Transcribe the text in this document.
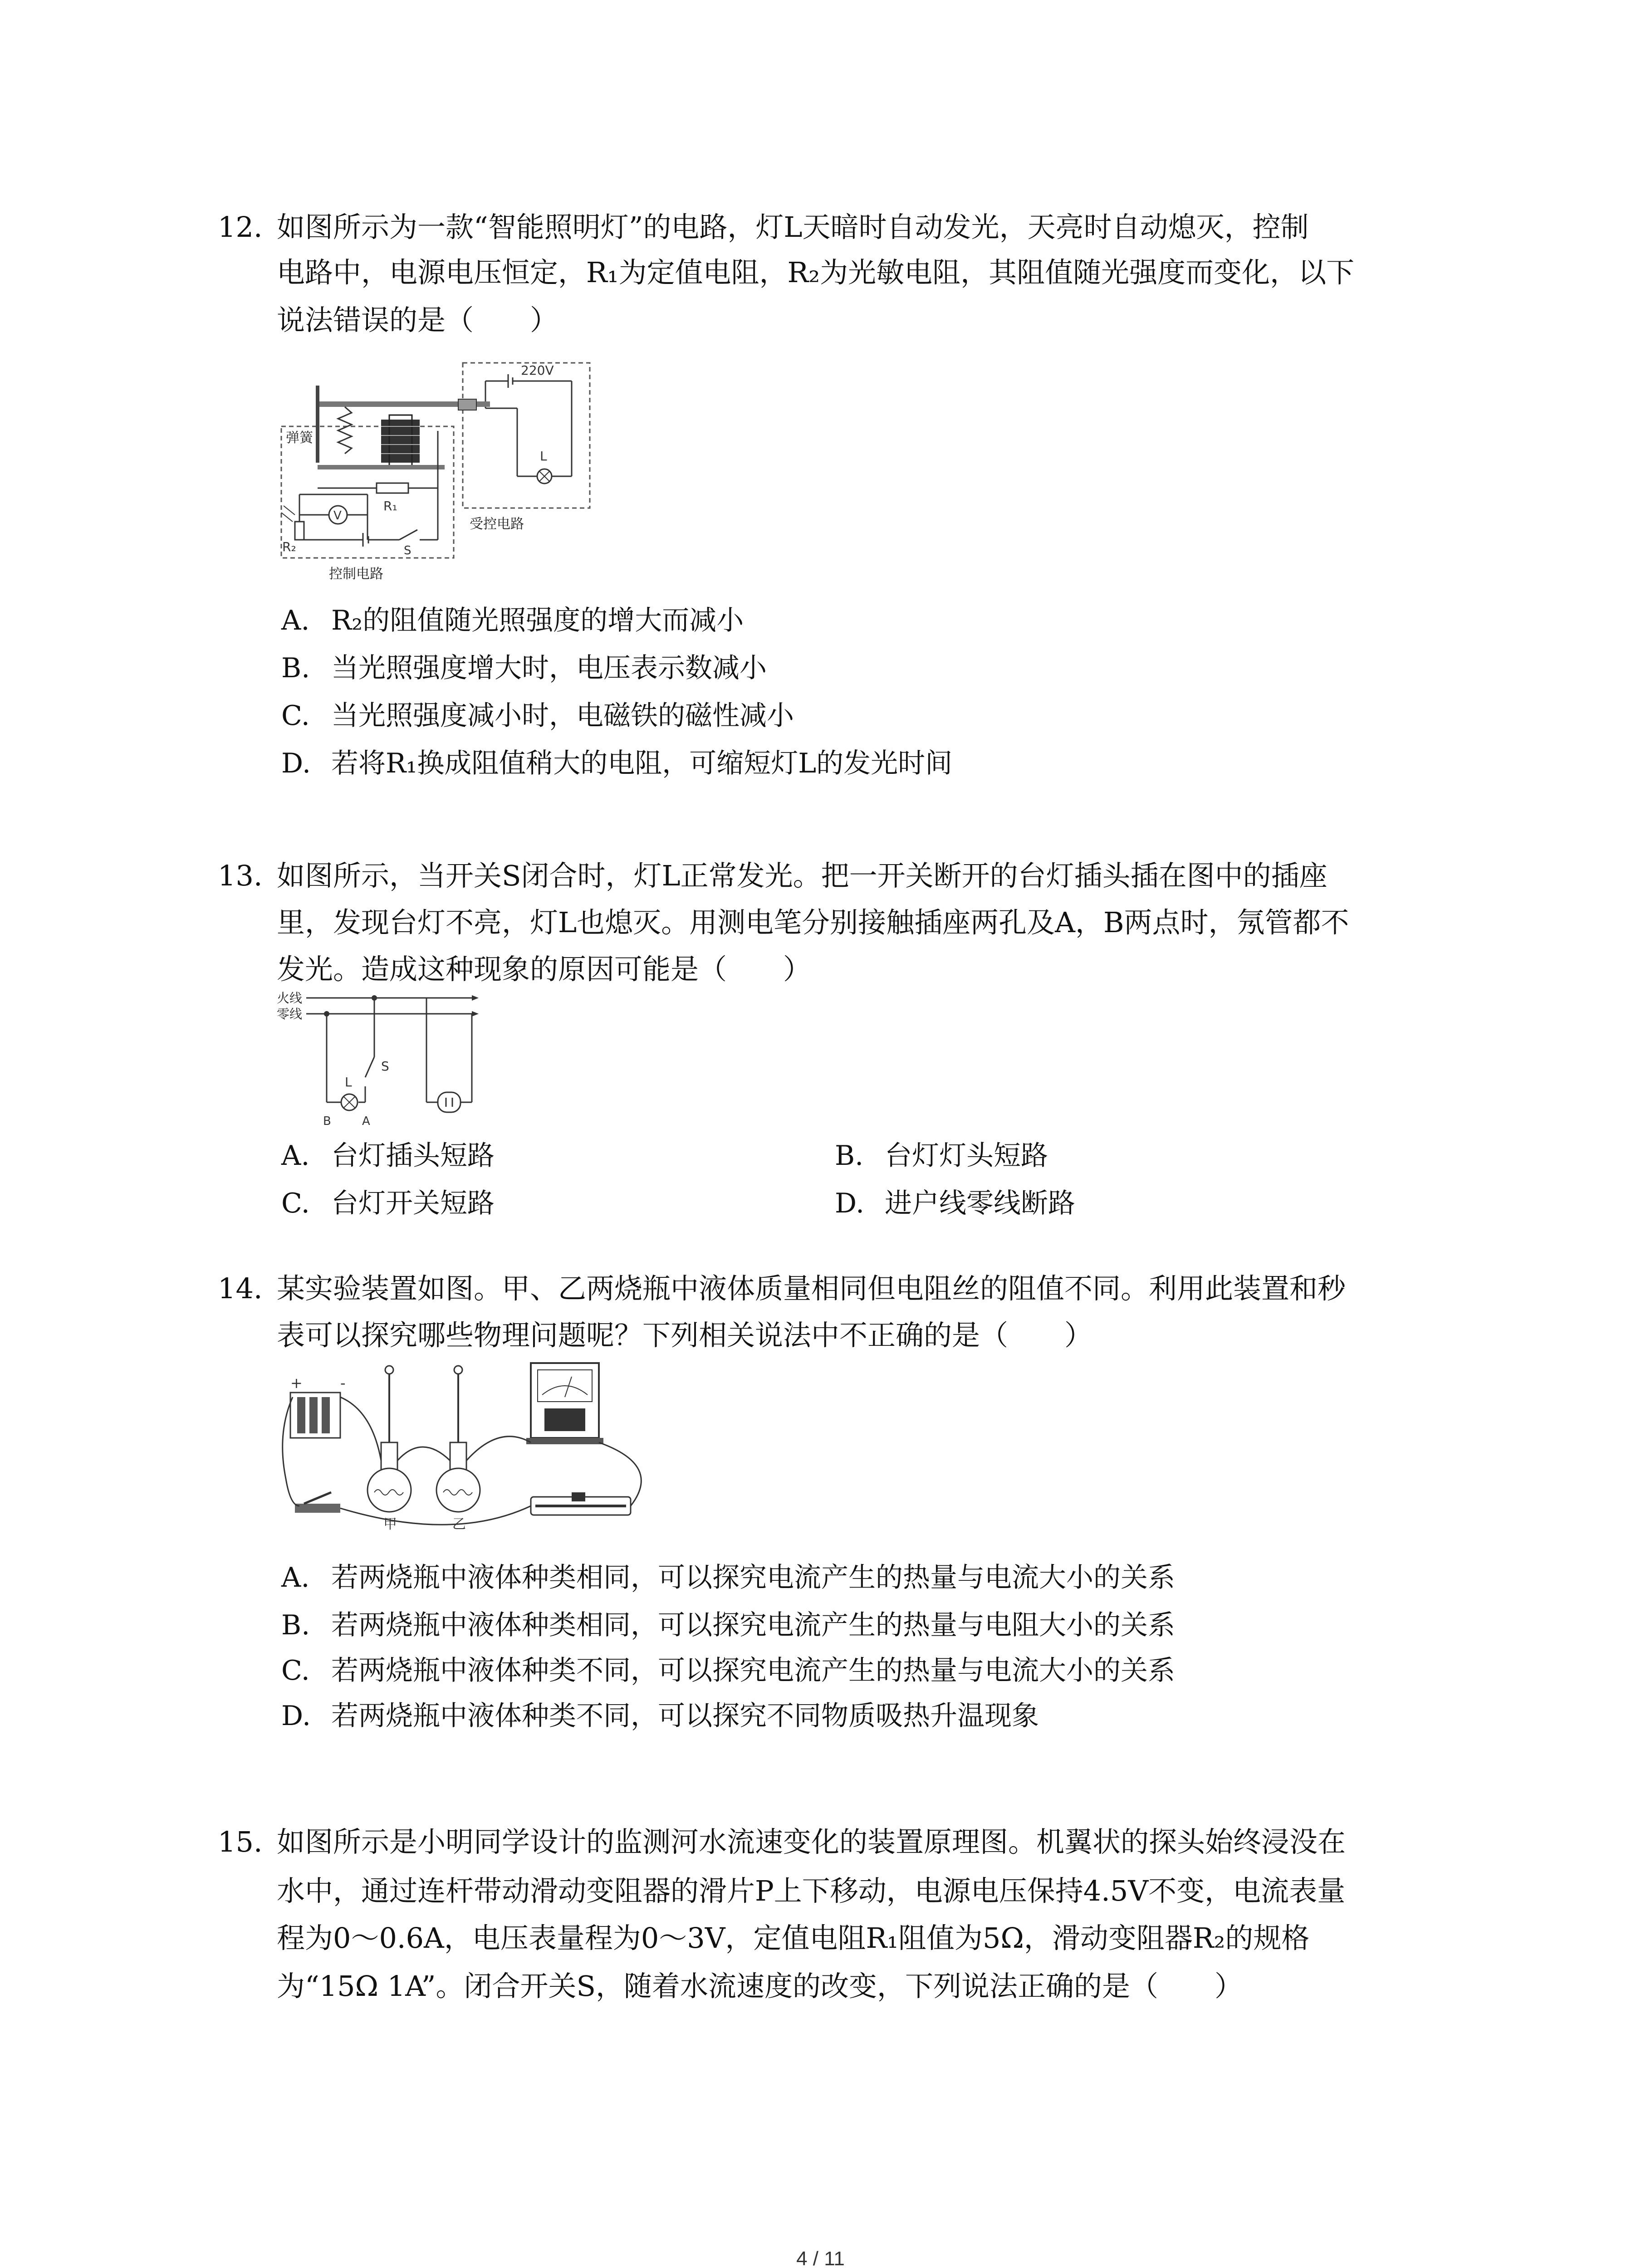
12. 如图所示为一款“智能照明灯”的电路，灯L天暗时自动发光，天亮时自动熄灭，控制
电路中，电源电压恒定，R₁为定值电阻，R₂为光敏电阻，其阻值随光强度而变化，以下
说法错误的是（　　）
220V
L
弹簧
R₁
V
R₂	S
受控电路
控制电路
A. R₂的阻值随光照强度的增大而减小
B. 当光照强度增大时，电压表示数减小
C. 当光照强度减小时，电磁铁的磁性减小
D. 若将R₁换成阻值稍大的电阻，可缩短灯L的发光时间
13. 如图所示，当开关S闭合时，灯L正常发光。把一开关断开的台灯插头插在图中的插座
里，发现台灯不亮，灯L也熄灭。用测电笔分别接触插座两孔及A，B两点时，氖管都不
发光。造成这种现象的原因可能是（　　）
火线
零线
S
L
B	A
A. 台灯插头短路	B. 台灯灯头短路
C. 台灯开关短路	D. 进户线零线断路
14. 某实验装置如图。甲、乙两烧瓶中液体质量相同但电阻丝的阻值不同。利用此装置和秒
表可以探究哪些物理问题呢？下列相关说法中不正确的是（　　）
+	-
甲	乙
A. 若两烧瓶中液体种类相同，可以探究电流产生的热量与电流大小的关系
B. 若两烧瓶中液体种类相同，可以探究电流产生的热量与电阻大小的关系
C. 若两烧瓶中液体种类不同，可以探究电流产生的热量与电流大小的关系
D. 若两烧瓶中液体种类不同，可以探究不同物质吸热升温现象
15. 如图所示是小明同学设计的监测河水流速变化的装置原理图。机翼状的探头始终浸没在
水中，通过连杆带动滑动变阻器的滑片P上下移动，电源电压保持4.5V不变，电流表量
程为0～0.6A，电压表量程为0～3V，定值电阻R₁阻值为5Ω，滑动变阻器R₂的规格
为“15Ω 1A”。闭合开关S，随着水流速度的改变，下列说法正确的是（　　）
4 / 11
